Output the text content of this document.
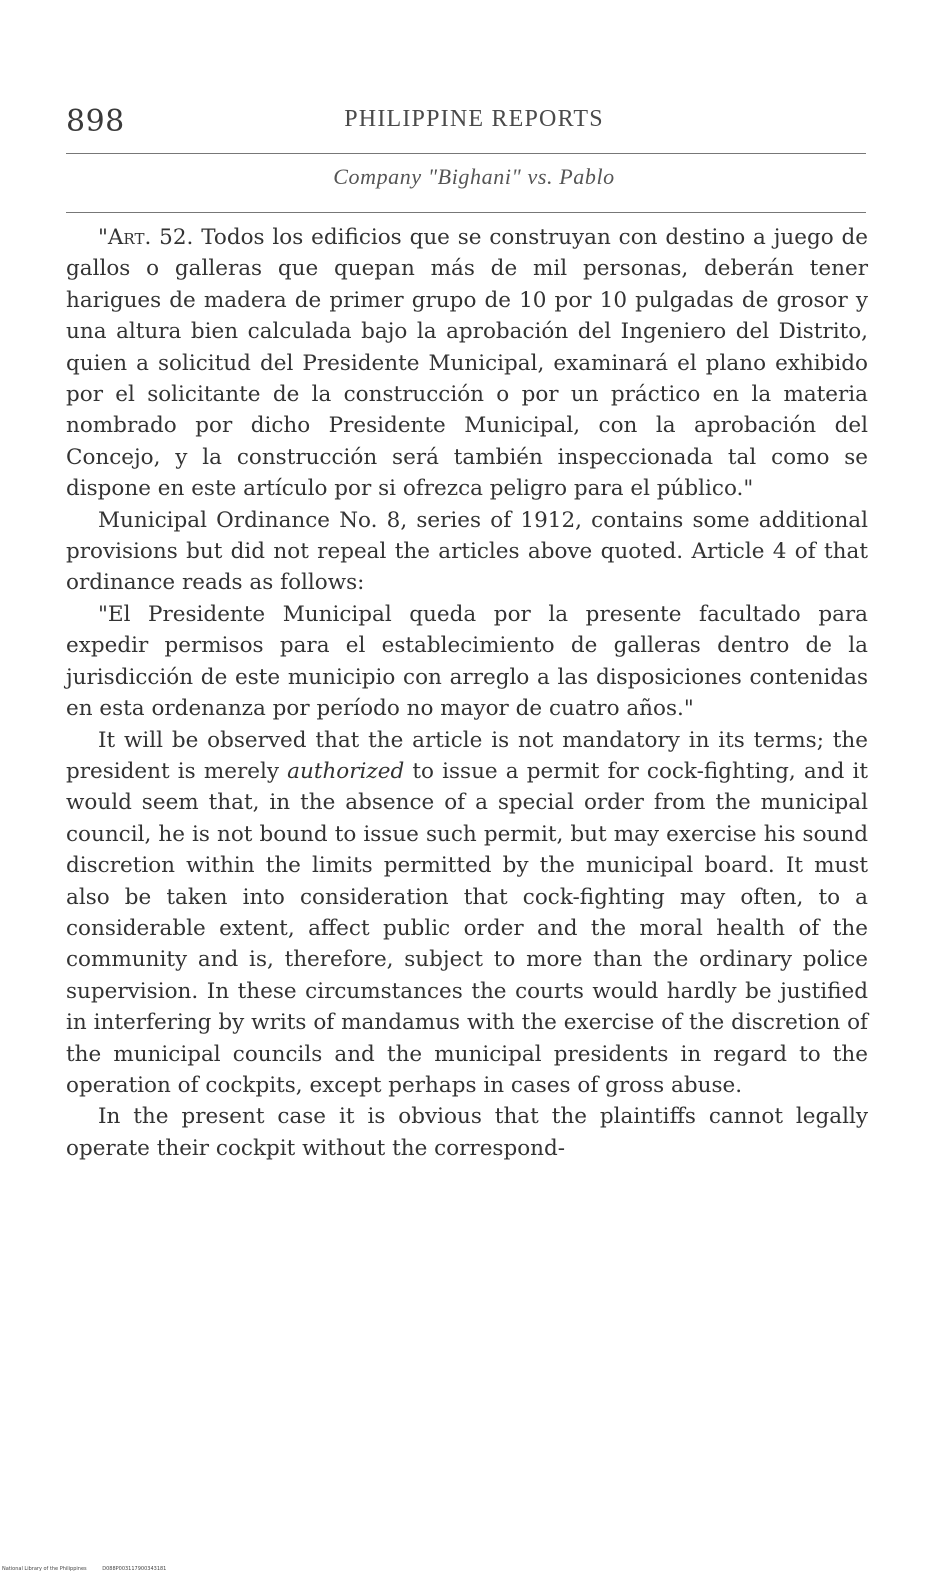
898	PHILIPPINE REPORTS
Company "Bighani" vs. Pablo

"Art. 52. Todos los edificios que se construyan con destino a juego de gallos o galleras que quepan más de mil personas, deberán tener harigues de madera de primer grupo de 10 por 10 pulgadas de grosor y una altura bien calculada bajo la aprobación del Ingeniero del Distrito, quien a solicitud del Presidente Municipal, examinará el plano exhibido por el solicitante de la construcción o por un práctico en la materia nombrado por dicho Presidente Municipal, con la aprobación del Concejo, y la construcción será también inspeccionada tal como se dispone en este artículo por si ofrezca peligro para el público."

Municipal Ordinance No. 8, series of 1912, contains some additional provisions but did not repeal the articles above quoted. Article 4 of that ordinance reads as follows:

"El Presidente Municipal queda por la presente facultado para expedir permisos para el establecimiento de galleras dentro de la jurisdicción de este municipio con arreglo a las disposiciones contenidas en esta ordenanza por período no mayor de cuatro años."

It will be observed that the article is not mandatory in its terms; the president is merely authorized to issue a permit for cock-fighting, and it would seem that, in the absence of a special order from the municipal council, he is not bound to issue such permit, but may exercise his sound discretion within the limits permitted by the municipal board. It must also be taken into consideration that cock-fighting may often, to a considerable extent, affect public order and the moral health of the community and is, therefore, subject to more than the ordinary police supervision. In these circumstances the courts would hardly be justified in interfering by writs of mandamus with the exercise of the discretion of the municipal councils and the municipal presidents in regard to the operation of cockpits, except perhaps in cases of gross abuse.

In the present case it is obvious that the plaintiffs cannot legally operate their cockpit without the correspond-

National Library of the Philippines	D088P003117900343181
